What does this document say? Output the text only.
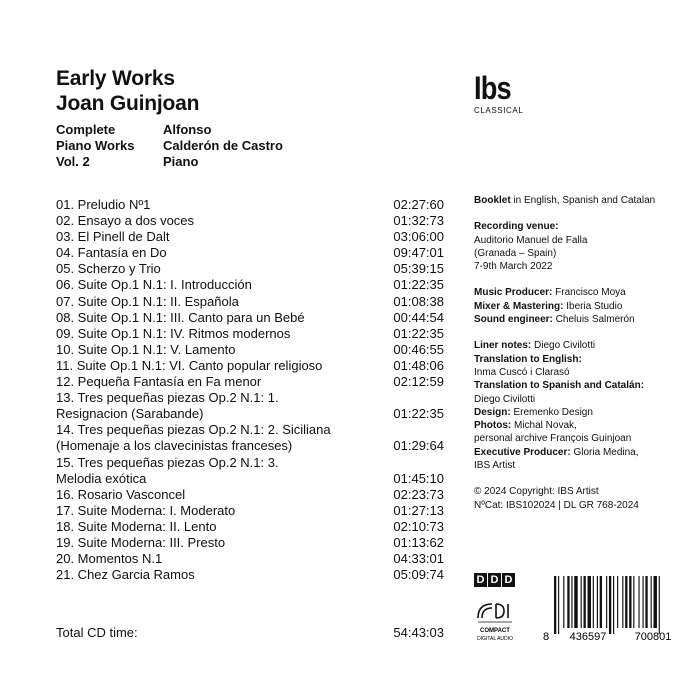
Early Works
Joan Guinjoan
Complete
Piano Works
Vol. 2
Alfonso
Calderón de Castro
Piano
Ibs
CLASSICAL
01. Preludio Nº1	02:27:60
02. Ensayo a dos voces	01:32:73
03. El Pinell de Dalt	03:06:00
04. Fantasía en Do	09:47:01
05. Scherzo y Trio	05:39:15
06. Suite Op.1 N.1: I. Introducción	01:22:35
07. Suite Op.1 N.1: II. Española	01:08:38
08. Suite Op.1 N.1: III. Canto para un Bebé	00:44:54
09. Suite Op.1 N.1: IV. Ritmos modernos	01:22:35
10. Suite Op.1 N.1: V. Lamento	00:46:55
11. Suite Op.1 N.1: VI. Canto popular religioso	01:48:06
12. Pequeña Fantasía en Fa menor	02:12:59
13. Tres pequeñas piezas Op.2 N.1: 1.
Resignacion (Sarabande)	01:22:35
14. Tres pequeñas piezas Op.2 N.1: 2. Siciliana
(Homenaje a los clavecinistas franceses)	01:29:64
15. Tres pequeñas piezas Op.2 N.1: 3.
Melodia exótica	01:45:10
16. Rosario Vasconcel	02:23:73
17. Suite Moderna: I. Moderato	01:27:13
18. Suite Moderna: II. Lento	02:10:73
19. Suite Moderna: III. Presto	01:13:62
20. Momentos N.1	04:33:01
21. Chez Garcia Ramos	05:09:74
Total CD time:	54:43:03
Booklet in English, Spanish and Catalan
Recording venue:
Auditorio Manuel de Falla
(Granada – Spain)
7-9th March 2022
Music Producer: Francisco Moya
Mixer & Mastering: Iberia Studio
Sound engineer: Cheluis Salmerón
Liner notes: Diego Civilotti
Translation to English:
Inma Cuscó i Clarasó
Translation to Spanish and Catalán:
Diego Civilotti
Design: Eremenko Design
Photos: Michal Novak,
personal archive François Guinjoan
Executive Producer: Gloria Medina,
IBS Artist
© 2024 Copyright: IBS Artist
NºCat: IBS102024 | DL GR 768-2024
D D D
COMPACT
DIGITAL AUDIO	8 436597	700801
